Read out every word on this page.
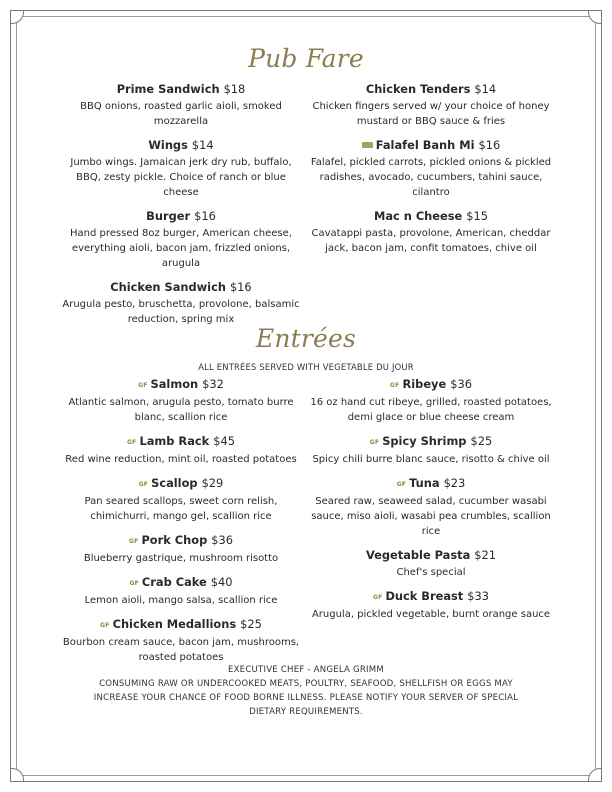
Pub Fare
Prime Sandwich $18
BBQ onions, roasted garlic aioli, smoked mozzarella
Wings $14
Jumbo wings. Jamaican jerk dry rub, buffalo, BBQ, zesty pickle. Choice of ranch or blue cheese
Burger $16
Hand pressed 8oz burger, American cheese, everything aioli, bacon jam, frizzled onions, arugula
Chicken Sandwich $16
Arugula pesto, bruschetta, provolone, balsamic reduction, spring mix
Chicken Tenders $14
Chicken fingers served w/ your choice of honey mustard or BBQ sauce & fries
Falafel Banh Mi $16
Falafel, pickled carrots, pickled onions & pickled radishes, avocado, cucumbers, tahini sauce, cilantro
Mac n Cheese $15
Cavatappi pasta, provolone, American, cheddar jack, bacon jam, confit tomatoes, chive oil
Entrées
ALL ENTRÉES SERVED WITH VEGETABLE DU JOUR
GF Salmon $32
Atlantic salmon, arugula pesto, tomato burre blanc, scallion rice
GF Lamb Rack $45
Red wine reduction, mint oil, roasted potatoes
GF Scallop $29
Pan seared scallops, sweet corn relish, chimichurri, mango gel, scallion rice
GF Pork Chop $36
Blueberry gastrique, mushroom risotto
GF Crab Cake $40
Lemon aioli, mango salsa, scallion rice
GF Chicken Medallions $25
Bourbon cream sauce, bacon jam, mushrooms, roasted potatoes
GF Ribeye $36
16 oz hand cut ribeye, grilled, roasted potatoes, demi glace or blue cheese cream
GF Spicy Shrimp $25
Spicy chili burre blanc sauce, risotto & chive oil
GF Tuna $23
Seared raw, seaweed salad, cucumber wasabi sauce, miso aioli, wasabi pea crumbles, scallion rice
Vegetable Pasta $21
Chef's special
GF Duck Breast $33
Arugula, pickled vegetable, burnt orange sauce
EXECUTIVE CHEF - ANGELA GRIMM
CONSUMING RAW OR UNDERCOOKED MEATS, POULTRY, SEAFOOD, SHELLFISH OR EGGS MAY INCREASE YOUR CHANCE OF FOOD BORNE ILLNESS. PLEASE NOTIFY YOUR SERVER OF SPECIAL DIETARY REQUIREMENTS.
